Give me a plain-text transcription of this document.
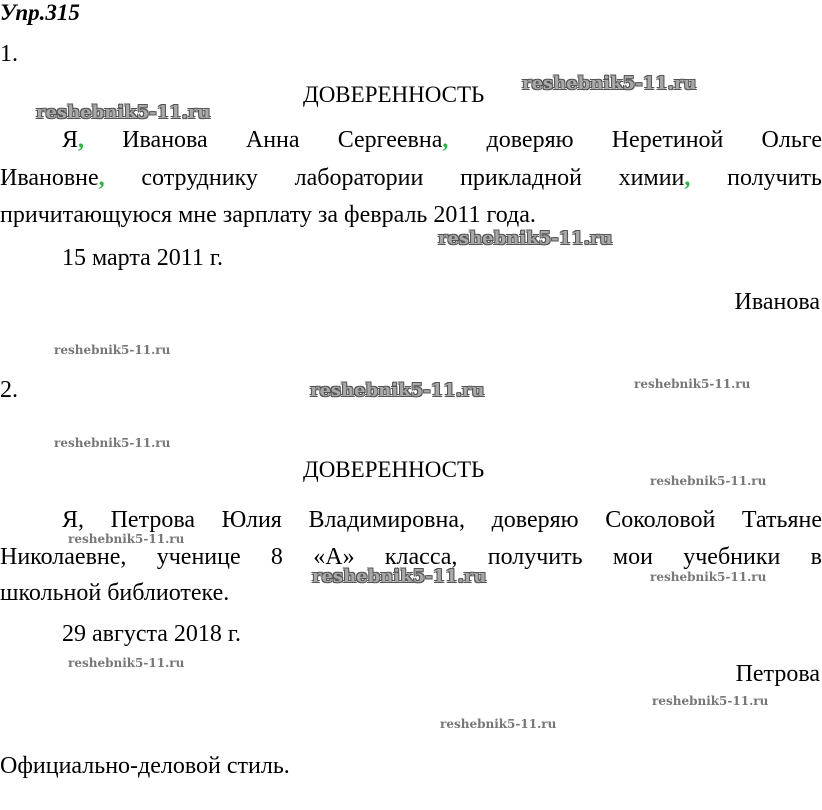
Упр.315
1.
ДОВЕРЕННОСТЬ
Я, Иванова Анна Сергеевна, доверяю Неретиной Ольге
Ивановне, сотруднику лаборатории прикладной химии, получить
причитающуюся мне зарплату за февраль 2011 года.
15 марта 2011 г.
Иванова
2.
ДОВЕРЕННОСТЬ
Я, Петрова Юлия Владимировна, доверяю Соколовой Татьяне
Николаевне, ученице 8 «А» класса, получить мои учебники в
школьной библиотеке.
29 августа 2018 г.
Петрова
Официально-деловой стиль.
reshebnik5-11.ru
reshebnik5-11.ru
reshebnik5-11.ru
reshebnik5-11.ru
reshebnik5-11.ru	reshebnik5-11.ru
reshebnik5-11.ru
reshebnik5-11.ru
reshebnik5-11.ru
reshebnik5-11.ru	reshebnik5-11.ru
reshebnik5-11.ru
reshebnik5-11.ru
reshebnik5-11.ru
